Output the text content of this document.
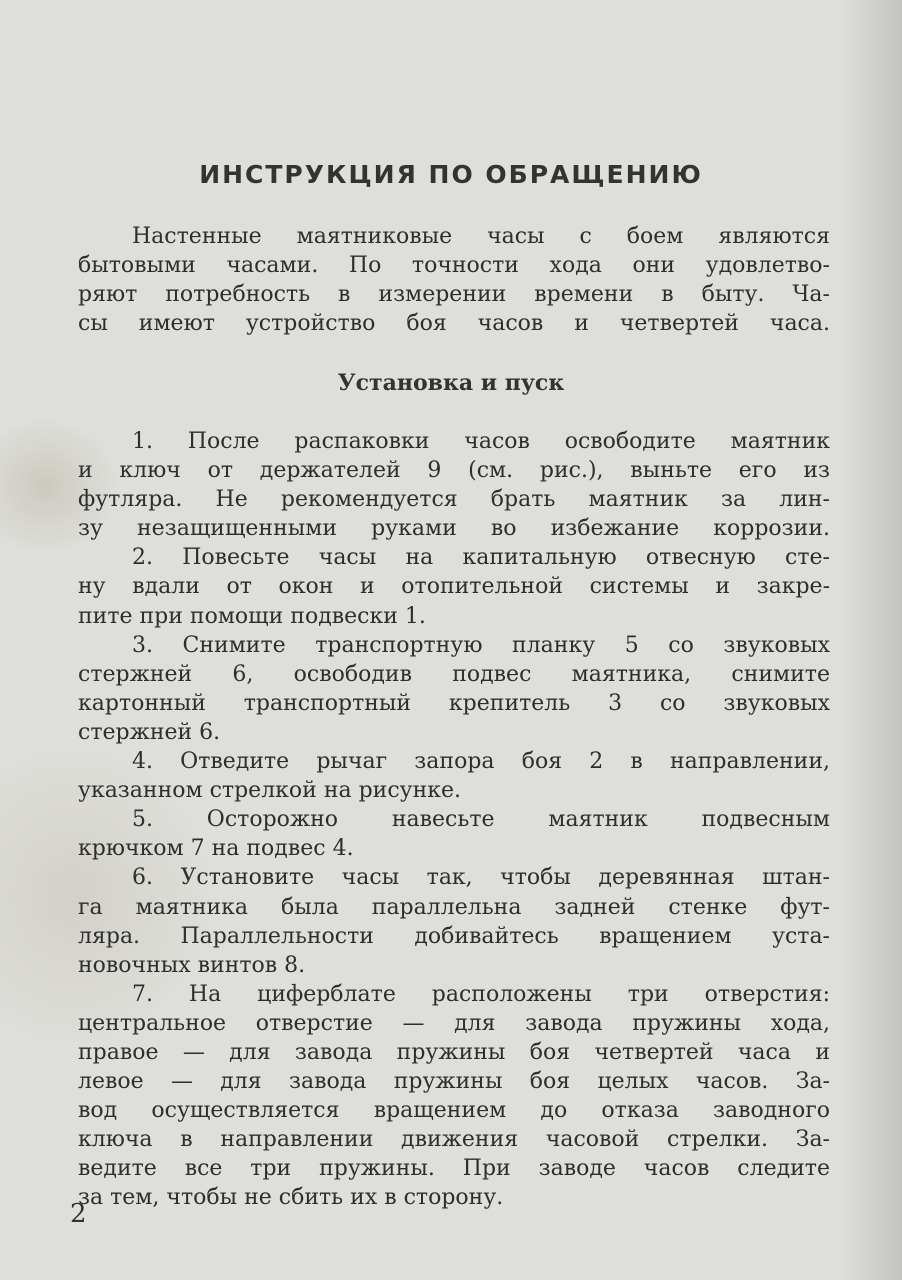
ИНСТРУКЦИЯ ПО ОБРАЩЕНИЮ
Настенные маятниковые часы с боем являются
бытовыми часами. По точности хода они удовлетво-
ряют потребность в измерении времени в быту. Ча-
сы имеют устройство боя часов и четвертей часа.
Установка и пуск
1. После распаковки часов освободите маятник
и ключ от держателей 9 (см. рис.), выньте его из
футляра. Не рекомендуется брать маятник за лин-
зу незащищенными руками во избежание коррозии.
2. Повесьте часы на капитальную отвесную сте-
ну вдали от окон и отопительной системы и закре-
пите при помощи подвески 1.
3. Снимите транспортную планку 5 со звуковых
стержней 6, освободив подвес маятника, снимите
картонный транспортный крепитель 3 со звуковых
стержней 6.
4. Отведите рычаг запора боя 2 в направлении,
указанном стрелкой на рисунке.
5. Осторожно навесьте маятник подвесным
крючком 7 на подвес 4.
6. Установите часы так, чтобы деревянная штан-
га маятника была параллельна задней стенке фут-
ляра. Параллельности добивайтесь вращением уста-
новочных винтов 8.
7. На циферблате расположены три отверстия:
центральное отверстие — для завода пружины хода,
правое — для завода пружины боя четвертей часа и
левое — для завода пружины боя целых часов. За-
вод осуществляется вращением до отказа заводного
ключа в направлении движения часовой стрелки. За-
ведите все три пружины. При заводе часов следите
за тем, чтобы не сбить их в сторону.
2
